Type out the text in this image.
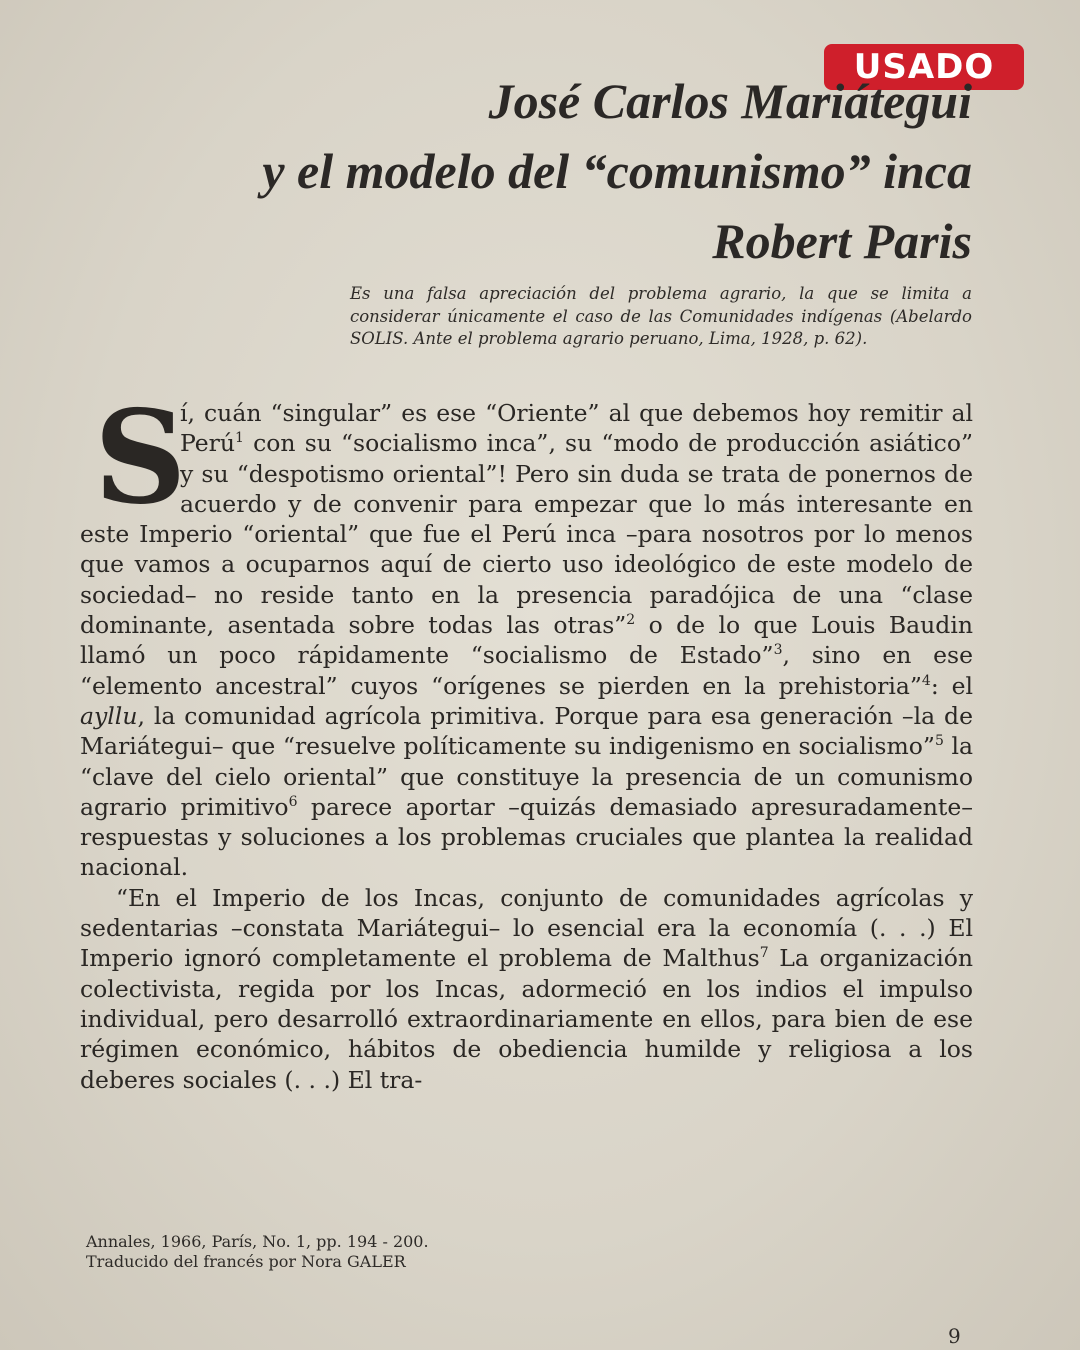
USADO
José Carlos Mariátegui
y el modelo del “comunismo” inca
Robert Paris
Es una falsa apreciación del problema agrario, la que se limita a considerar únicamente el caso de las Comunidades indígenas (Abelardo SOLIS. Ante el problema agrario peruano, Lima, 1928, p. 62).

S
í, cuán “singular” es ese “Oriente” al que debemos hoy remitir al Perú$^1$ con su “socialismo inca”, su “modo de producción asiático” y su “despotismo oriental”! Pero sin duda se trata de ponernos de acuerdo y de convenir para empezar que lo más interesante en este Imperio “oriental” que fue el Perú inca –para nosotros por lo menos que vamos a ocuparnos aquí de cierto uso ideológico de este modelo de sociedad– no reside tanto en la presencia paradójica de una “clase dominante, asentada sobre todas las otras”$^2$ o de lo que Louis Baudin llamó un poco rápidamente “socialismo de Estado”$^3$, sino en ese “elemento ancestral” cuyos “orígenes se pierden en la prehistoria”$^4$: el ayllu, la comunidad agrícola primitiva. Porque para esa generación –la de Mariátegui– que “resuelve políticamente su indigenismo en socialismo”$^5$ la “clave del cielo oriental” que constituye la presencia de un comunismo agrario primitivo$^6$ parece aportar –quizás demasiado apresuradamente– respuestas y soluciones a los problemas cruciales que plantea la realidad nacional.

“En el Imperio de los Incas, conjunto de comunidades agrícolas y sedentarias –constata Mariátegui– lo esencial era la economía (. . .) El Imperio ignoró completamente el problema de Malthus$^7$ La organización colectivista, regida por los Incas, adormeció en los indios el impulso individual, pero desarrolló extraordinariamente en ellos, para bien de ese régimen económico, hábitos de obediencia humilde y religiosa a los deberes sociales (. . .) El tra-

Annales, 1966, París, No. 1, pp. 194 - 200.
Traducido del francés por Nora GALER
9
